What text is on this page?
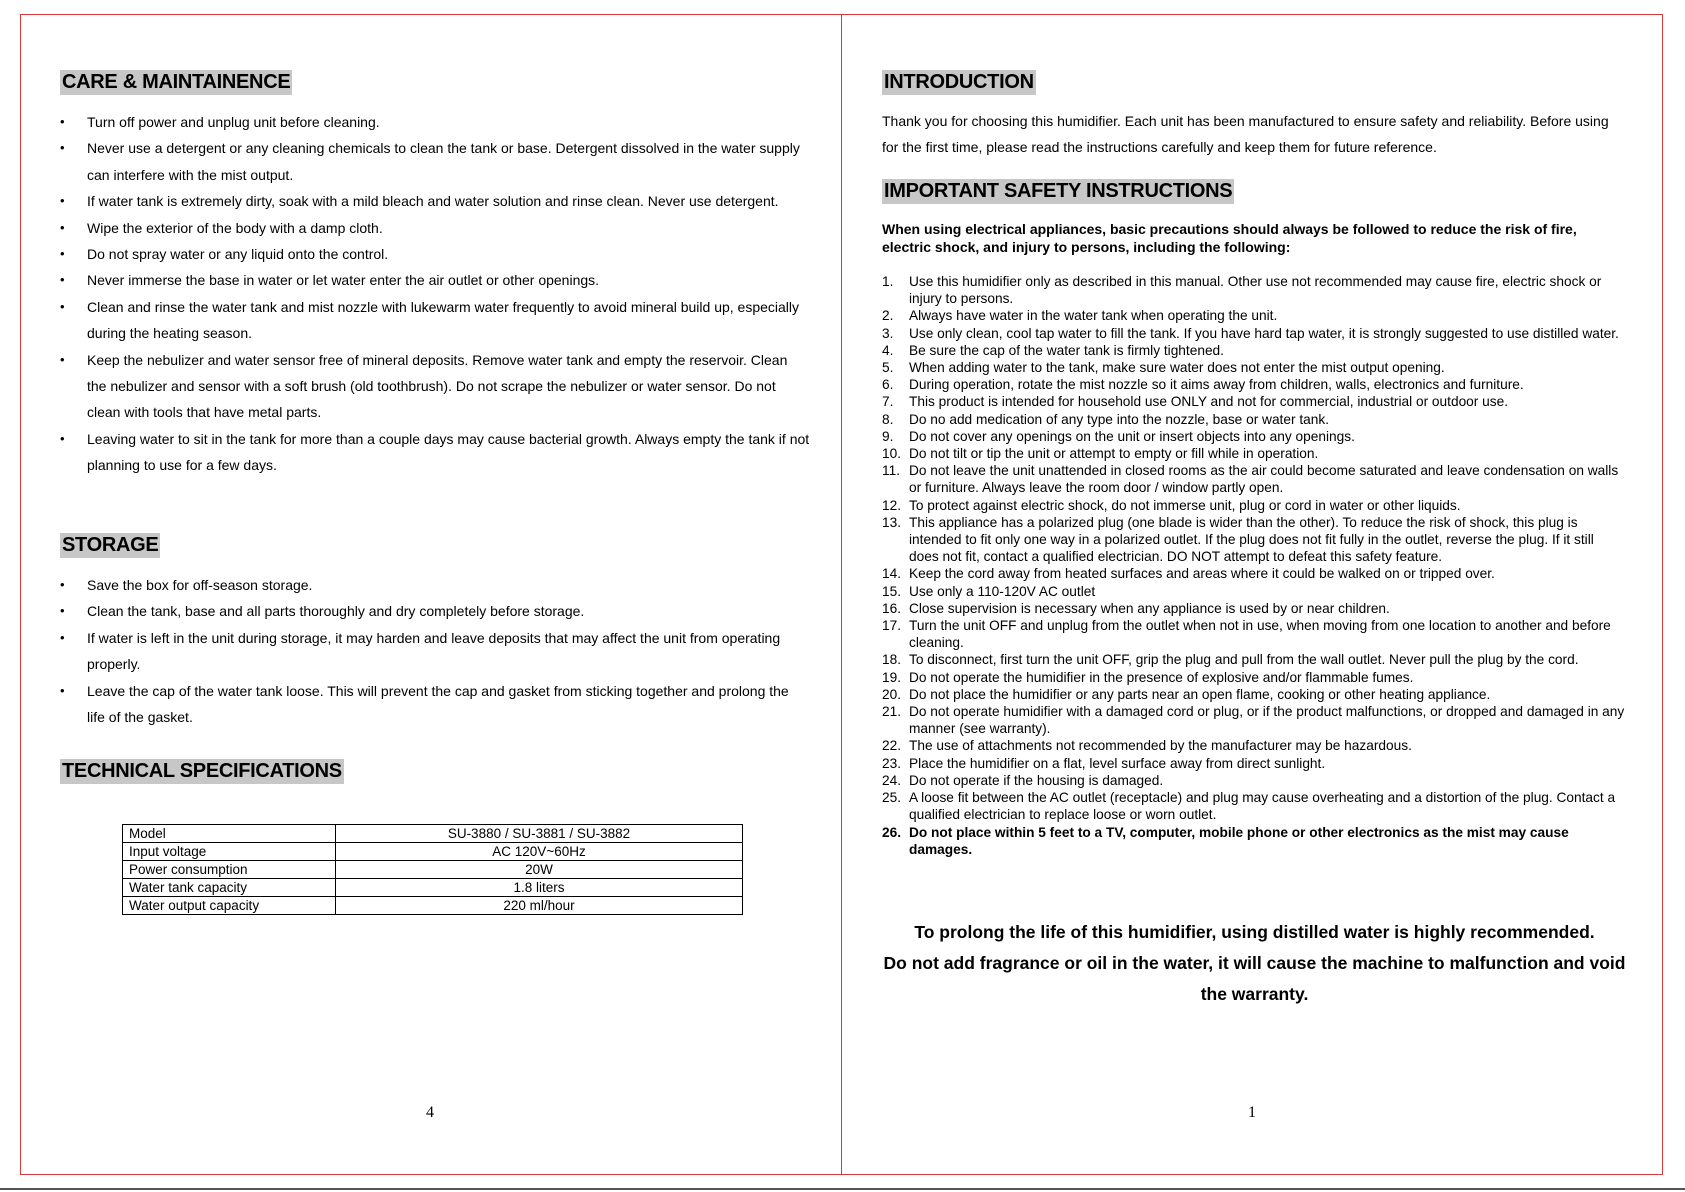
CARE & MAINTAINENCE
• Turn off power and unplug unit before cleaning.
• Never use a detergent or any cleaning chemicals to clean the tank or base. Detergent dissolved in the water supply can interfere with the mist output.
• If water tank is extremely dirty, soak with a mild bleach and water solution and rinse clean. Never use detergent.
• Wipe the exterior of the body with a damp cloth.
• Do not spray water or any liquid onto the control.
• Never immerse the base in water or let water enter the air outlet or other openings.
• Clean and rinse the water tank and mist nozzle with lukewarm water frequently to avoid mineral build up, especially during the heating season.
• Keep the nebulizer and water sensor free of mineral deposits. Remove water tank and empty the reservoir. Clean the nebulizer and sensor with a soft brush (old toothbrush). Do not scrape the nebulizer or water sensor. Do not clean with tools that have metal parts.
• Leaving water to sit in the tank for more than a couple days may cause bacterial growth. Always empty the tank if not planning to use for a few days.
STORAGE
• Save the box for off-season storage.
• Clean the tank, base and all parts thoroughly and dry completely before storage.
• If water is left in the unit during storage, it may harden and leave deposits that may affect the unit from operating properly.
• Leave the cap of the water tank loose. This will prevent the cap and gasket from sticking together and prolong the life of the gasket.
TECHNICAL SPECIFICATIONS
Model	SU-3880 / SU-3881 / SU-3882
Input voltage	AC 120V~60Hz
Power consumption	20W
Water tank capacity	1.8 liters
Water output capacity	220 ml/hour
4
INTRODUCTION
Thank you for choosing this humidifier. Each unit has been manufactured to ensure safety and reliability. Before using for the first time, please read the instructions carefully and keep them for future reference.
IMPORTANT SAFETY INSTRUCTIONS
When using electrical appliances, basic precautions should always be followed to reduce the risk of fire, electric shock, and injury to persons, including the following:
1. Use this humidifier only as described in this manual. Other use not recommended may cause fire, electric shock or injury to persons.
2. Always have water in the water tank when operating the unit.
3. Use only clean, cool tap water to fill the tank. If you have hard tap water, it is strongly suggested to use distilled water.
4. Be sure the cap of the water tank is firmly tightened.
5. When adding water to the tank, make sure water does not enter the mist output opening.
6. During operation, rotate the mist nozzle so it aims away from children, walls, electronics and furniture.
7. This product is intended for household use ONLY and not for commercial, industrial or outdoor use.
8. Do no add medication of any type into the nozzle, base or water tank.
9. Do not cover any openings on the unit or insert objects into any openings.
10. Do not tilt or tip the unit or attempt to empty or fill while in operation.
11. Do not leave the unit unattended in closed rooms as the air could become saturated and leave condensation on walls or furniture. Always leave the room door / window partly open.
12. To protect against electric shock, do not immerse unit, plug or cord in water or other liquids.
13. This appliance has a polarized plug (one blade is wider than the other). To reduce the risk of shock, this plug is intended to fit only one way in a polarized outlet. If the plug does not fit fully in the outlet, reverse the plug. If it still does not fit, contact a qualified electrician. DO NOT attempt to defeat this safety feature.
14. Keep the cord away from heated surfaces and areas where it could be walked on or tripped over.
15. Use only a 110-120V AC outlet
16. Close supervision is necessary when any appliance is used by or near children.
17. Turn the unit OFF and unplug from the outlet when not in use, when moving from one location to another and before cleaning.
18. To disconnect, first turn the unit OFF, grip the plug and pull from the wall outlet. Never pull the plug by the cord.
19. Do not operate the humidifier in the presence of explosive and/or flammable fumes.
20. Do not place the humidifier or any parts near an open flame, cooking or other heating appliance.
21. Do not operate humidifier with a damaged cord or plug, or if the product malfunctions, or dropped and damaged in any manner (see warranty).
22. The use of attachments not recommended by the manufacturer may be hazardous.
23. Place the humidifier on a flat, level surface away from direct sunlight.
24. Do not operate if the housing is damaged.
25. A loose fit between the AC outlet (receptacle) and plug may cause overheating and a distortion of the plug. Contact a qualified electrician to replace loose or worn outlet.
26. Do not place within 5 feet to a TV, computer, mobile phone or other electronics as the mist may cause damages.
To prolong the life of this humidifier, using distilled water is highly recommended.
Do not add fragrance or oil in the water, it will cause the machine to malfunction and void the warranty.
1
